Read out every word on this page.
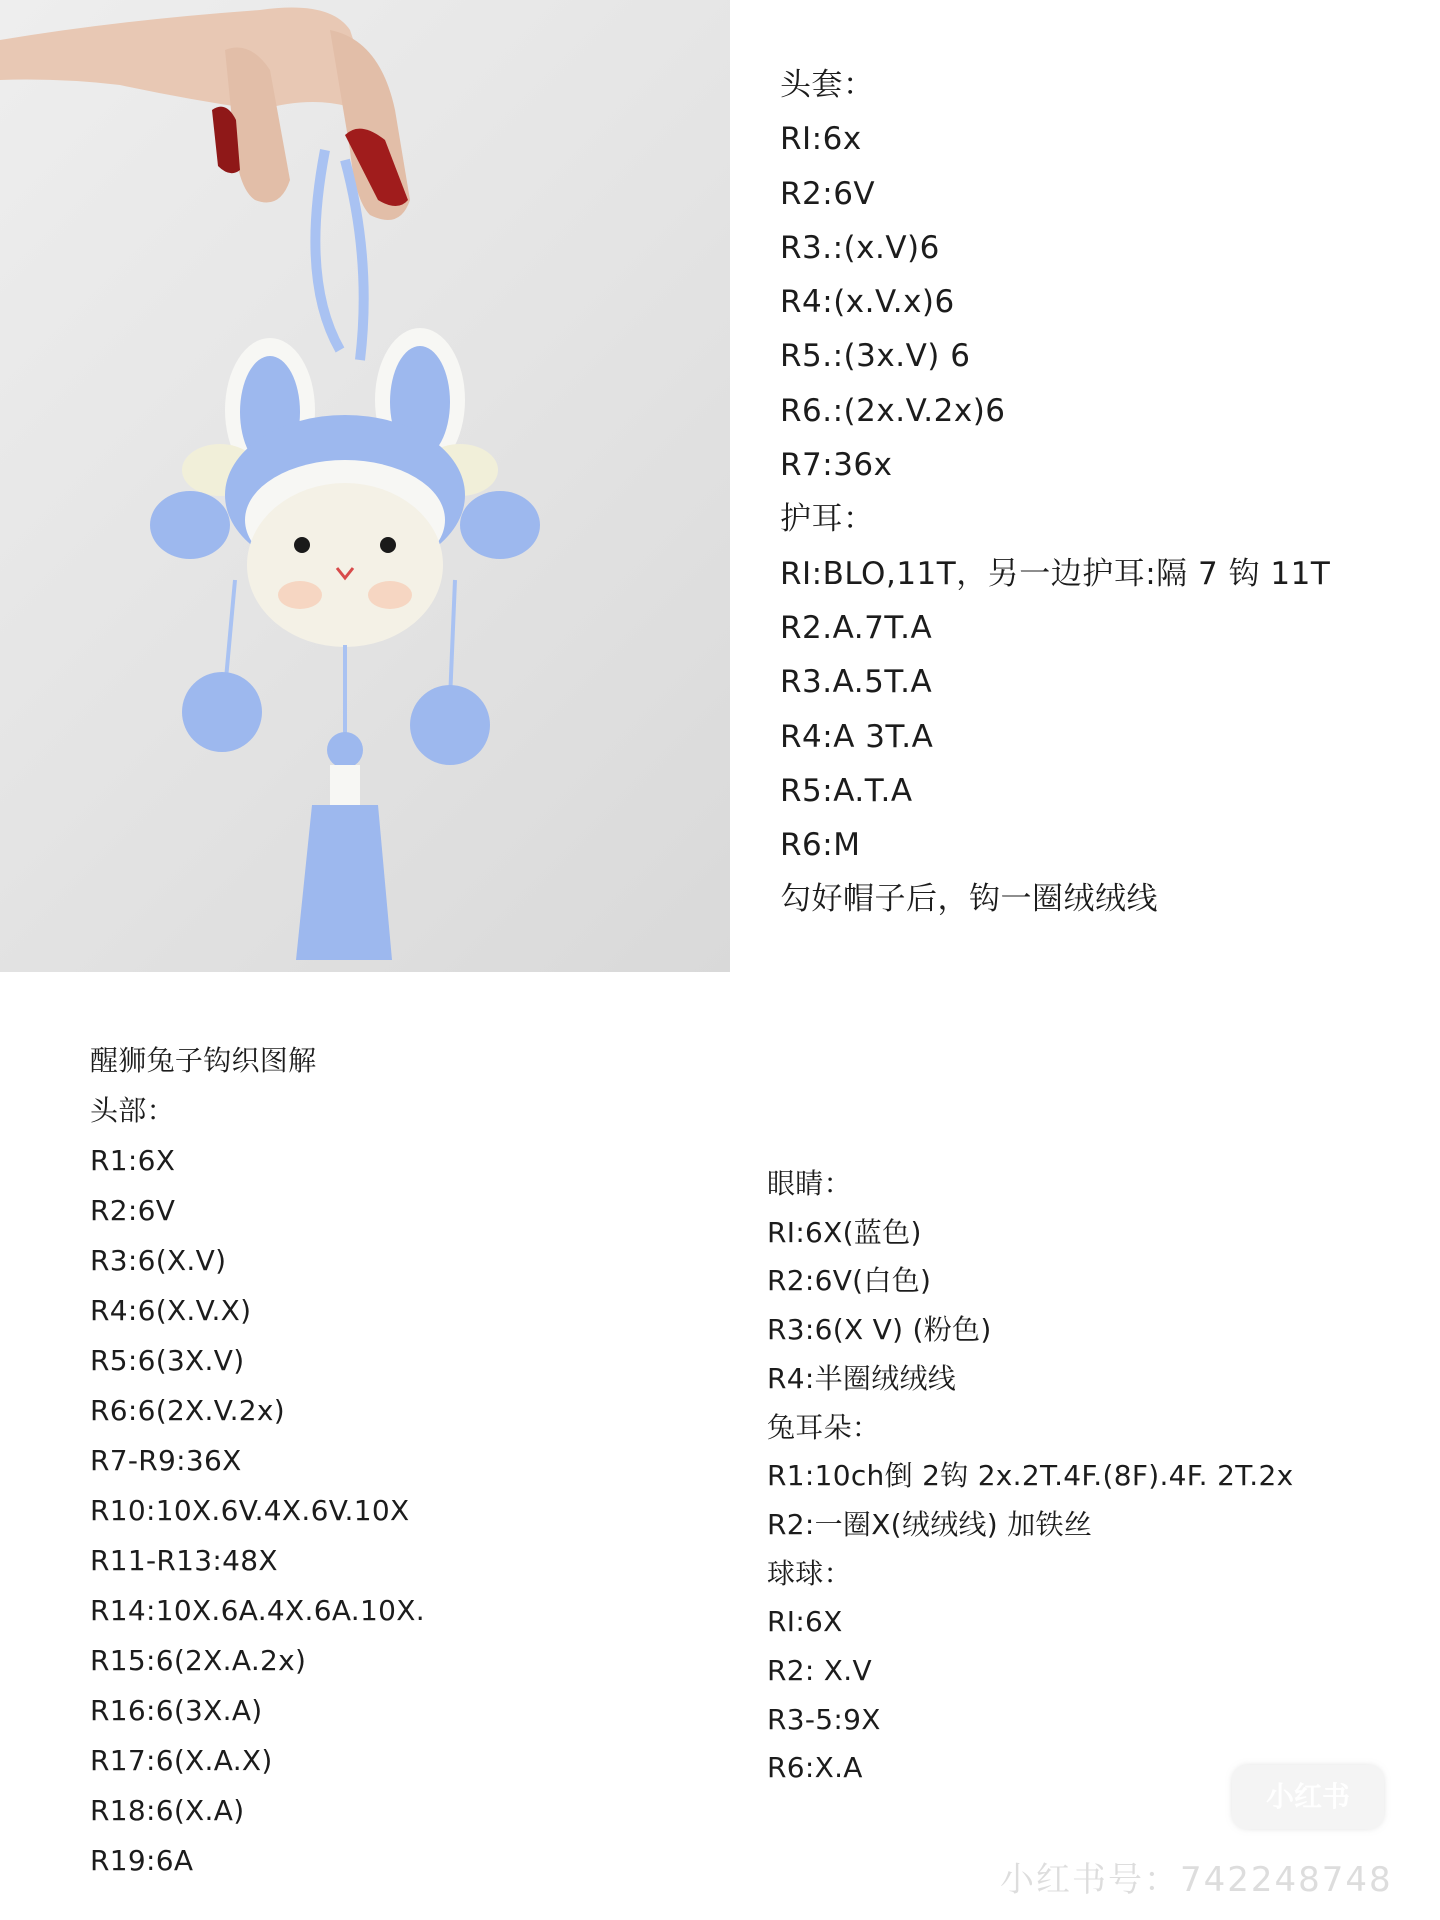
头套：
RI:6x
R2:6V
R3.:(x.V)6
R4:(x.V.x)6
R5.:(3x.V) 6
R6.:(2x.V.2x)6
R7:36x
护耳：
RI:BLO,11T，另一边护耳:隔 7 钩 11T
R2.A.7T.A
R3.A.5T.A
R4:A 3T.A
R5:A.T.A
R6:M
勾好帽子后，钩一圈绒绒线
醒狮兔子钩织图解
头部：
R1:6X
R2:6V
R3:6(X.V)
R4:6(X.V.X)
R5:6(3X.V)
R6:6(2X.V.2x)
R7-R9:36X
R10:10X.6V.4X.6V.10X
R11-R13:48X
R14:10X.6A.4X.6A.10X.
R15:6(2X.A.2x)
R16:6(3X.A)
R17:6(X.A.X)
R18:6(X.A)
R19:6A
眼睛：
RI:6X(蓝色)
R2:6V(白色)
R3:6(X V) (粉色)
R4:半圈绒绒线
兔耳朵：
R1:10ch倒 2钩 2x.2T.4F.(8F).4F. 2T.2x
R2:一圈X(绒绒线) 加铁丝
球球：
RI:6X
R2: X.V
R3-5:9X
R6:X.A
小红书
小红书号：742248748
